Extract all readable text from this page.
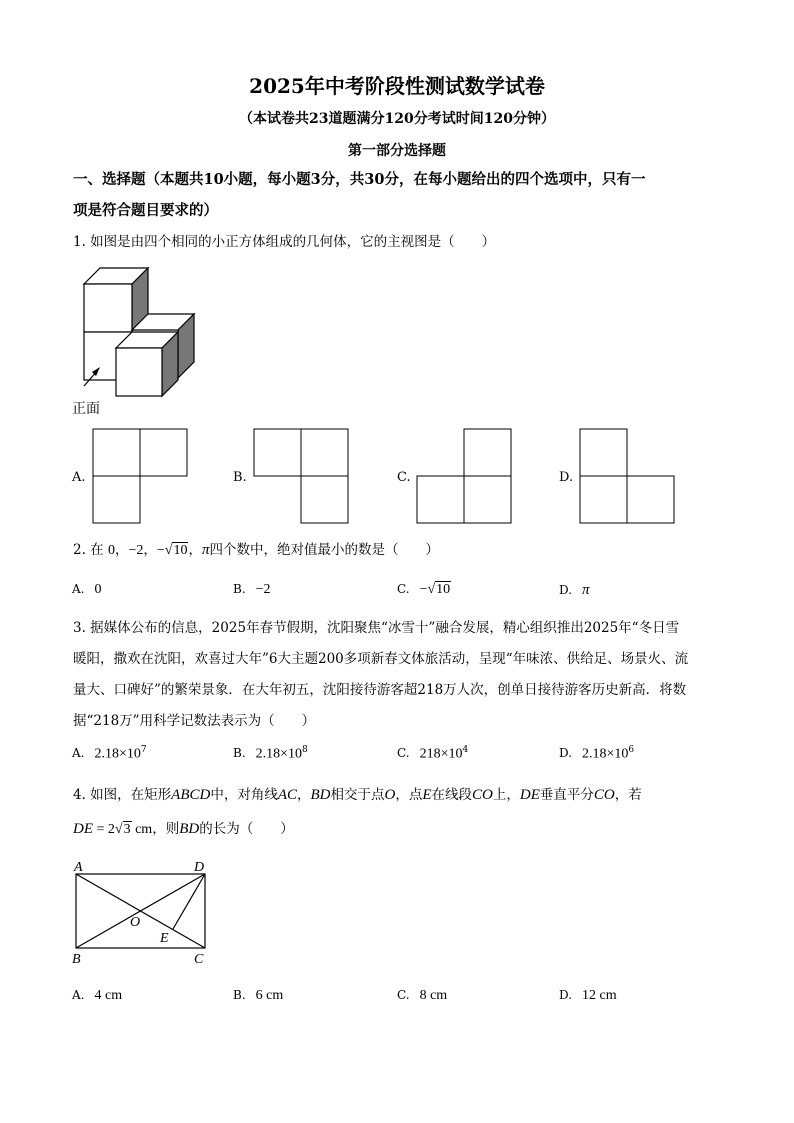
2025年中考阶段性测试数学试卷
（本试卷共23道题满分120分考试时间120分钟）
第一部分选择题
一、选择题（本题共10小题，每小题3分，共30分，在每小题给出的四个选项中，只有一
项是符合题目要求的）
1. 如图是由四个相同的小正方体组成的几何体，它的主视图是（　　）
正面
A.	B.	C.	D.
2. 在 0，−2，−√10，π四个数中，绝对值最小的数是（　　）
A. 0	B. −2	C. −√10	D. π
3. 据媒体公布的信息，2025年春节假期，沈阳聚焦“冰雪十”融合发展，精心组织推出2025年“冬日雪
暖阳，撒欢在沈阳，欢喜过大年”6大主题200多项新春文体旅活动，呈现“年味浓、供给足、场景火、流
量大、口碑好”的繁荣景象．在大年初五，沈阳接待游客超218万人次，创单日接待游客历史新高．将数
据“218万”用科学记数法表示为（　　）
A. $2.18\times 10^7$	B. $2.18\times 10^8$	C. $218\times 10^4$	D. $2.18\times 10^6$
4. 如图，在矩形ABCD中，对角线AC，BD相交于点O，点E在线段CO上，DE垂直平分CO，若
DE = 2√3 cm，则BD的长为（　　）
A	D
B	C
O
E
A. 4 cm	B. 6 cm	C. 8 cm	D. 12 cm
